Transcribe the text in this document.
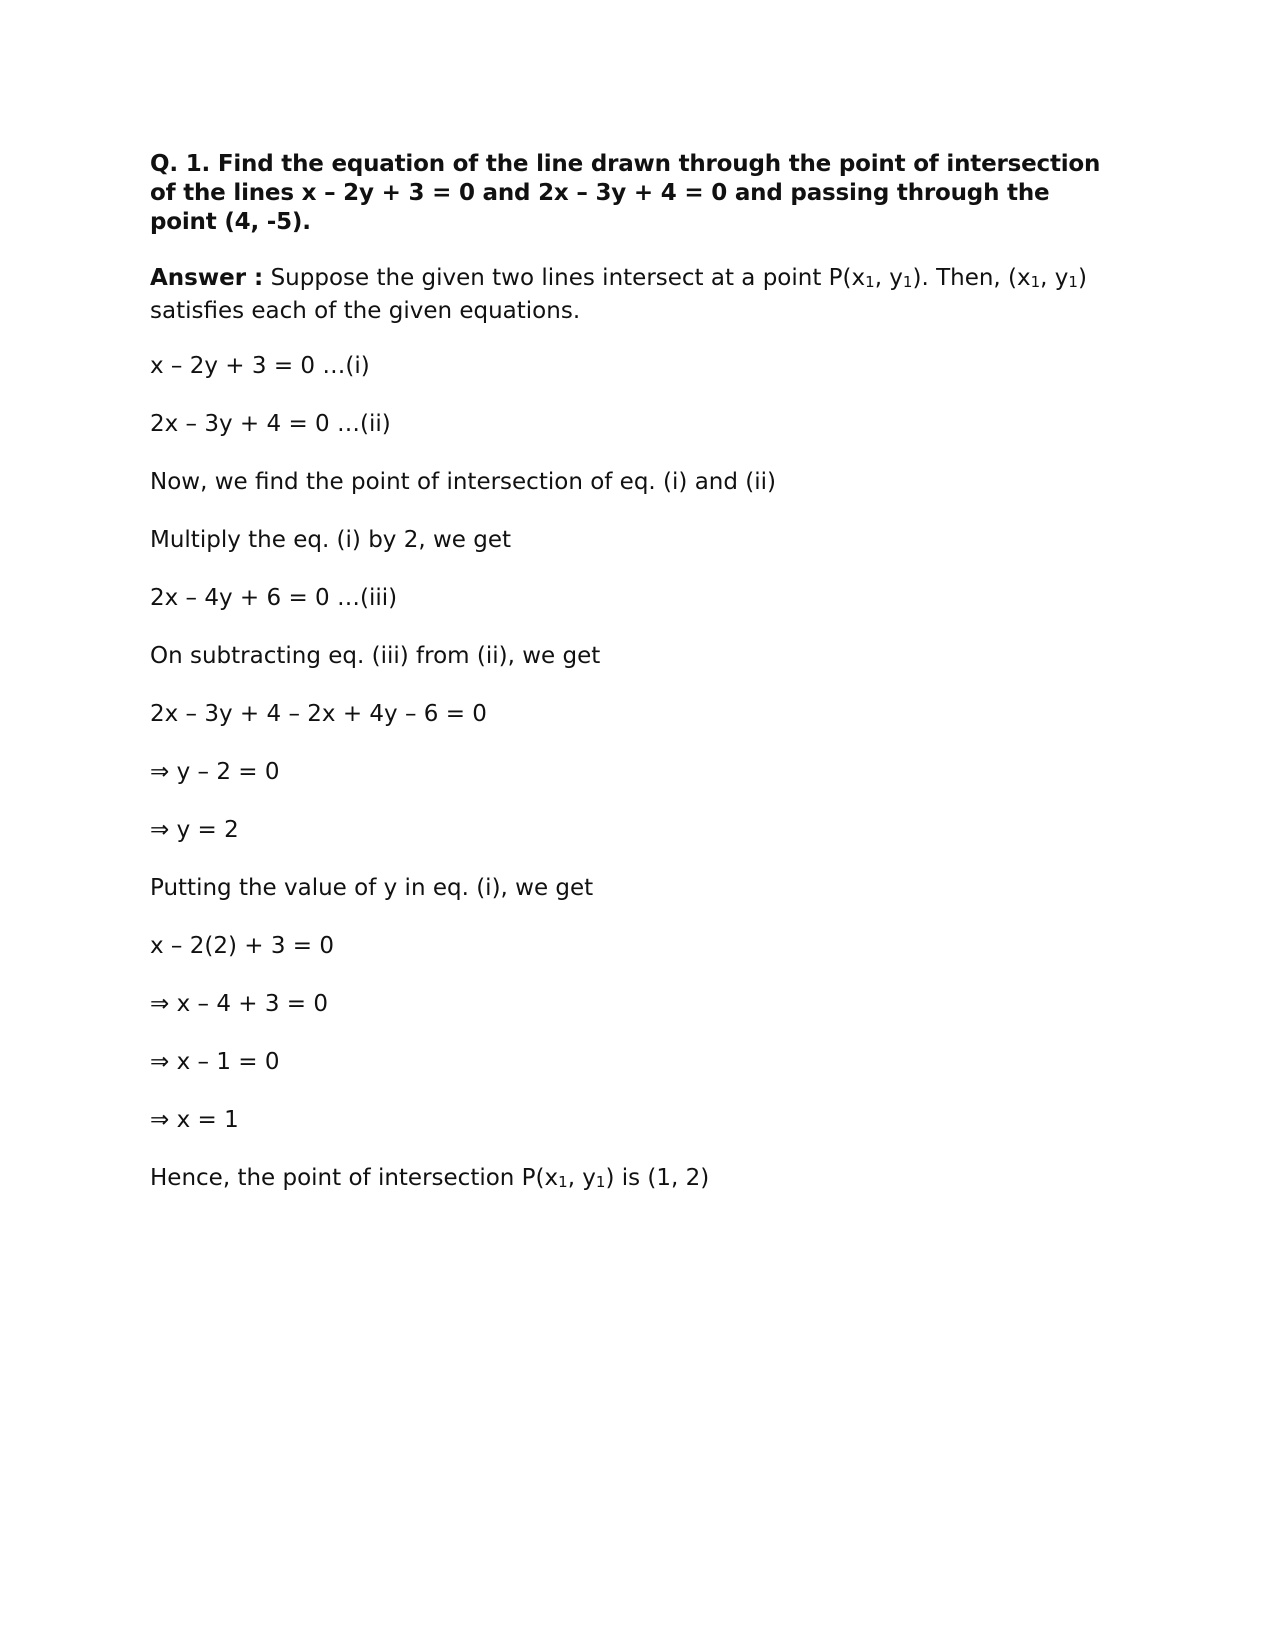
Q. 1. Find the equation of the line drawn through the point of intersection of the lines x – 2y + 3 = 0 and 2x – 3y + 4 = 0 and passing through the point (4, -5).

Answer : Suppose the given two lines intersect at a point P(x1, y1). Then, (x1, y1) satisfies each of the given equations.

x – 2y + 3 = 0 …(i)
2x – 3y + 4 = 0 …(ii)
Now, we find the point of intersection of eq. (i) and (ii)
Multiply the eq. (i) by 2, we get
2x – 4y + 6 = 0 …(iii)
On subtracting eq. (iii) from (ii), we get
2x – 3y + 4 – 2x + 4y – 6 = 0
⇒ y – 2 = 0
⇒ y = 2
Putting the value of y in eq. (i), we get
x – 2(2) + 3 = 0
⇒ x – 4 + 3 = 0
⇒ x – 1 = 0
⇒ x = 1
Hence, the point of intersection P(x1, y1) is (1, 2)
